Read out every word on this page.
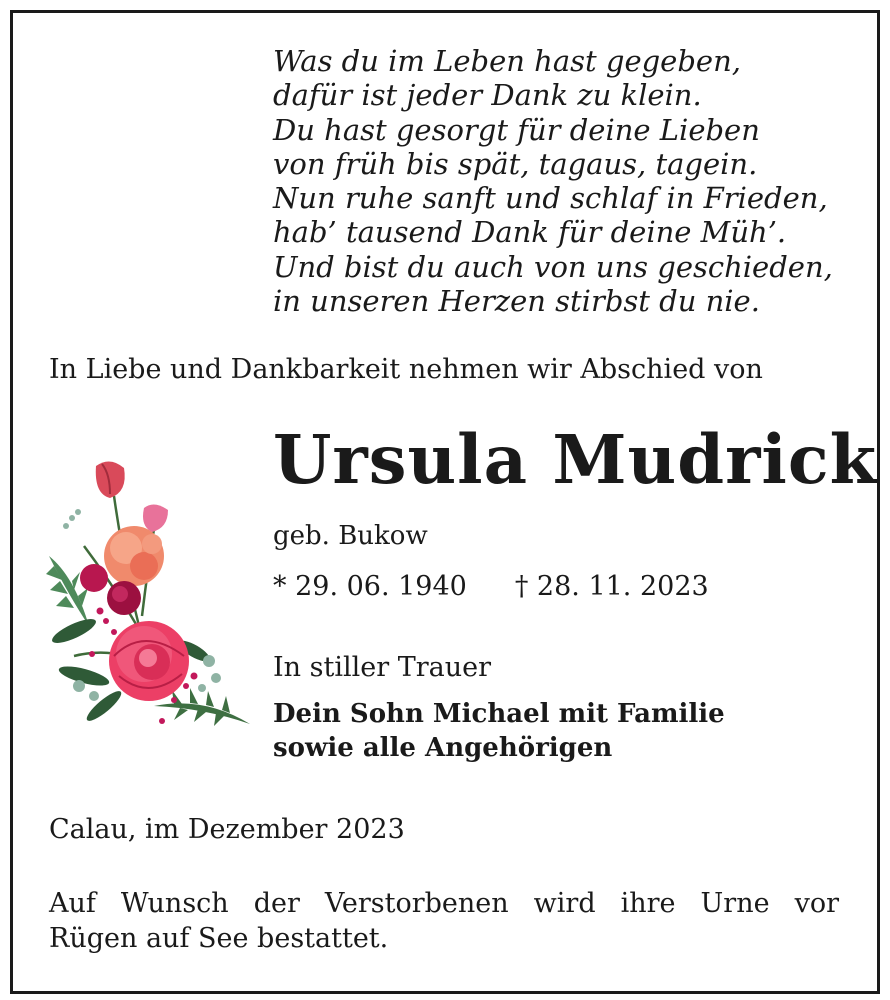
Was du im Leben hast gegeben,
dafür ist jeder Dank zu klein.
Du hast gesorgt für deine Lieben
von früh bis spät, tagaus, tagein.
Nun ruhe sanft und schlaf in Frieden,
hab’ tausend Dank für deine Müh’.
Und bist du auch von uns geschieden,
in unseren Herzen stirbst du nie.
In Liebe und Dankbarkeit nehmen wir Abschied von
Ursula Mudrick
geb. Bukow
* 29. 06. 1940 † 28. 11. 2023
In stiller Trauer
Dein Sohn Michael mit Familie
sowie alle Angehörigen
Calau, im Dezember 2023
Auf Wunsch der Verstorbenen wird ihre Urne vor
Rügen auf See bestattet.
